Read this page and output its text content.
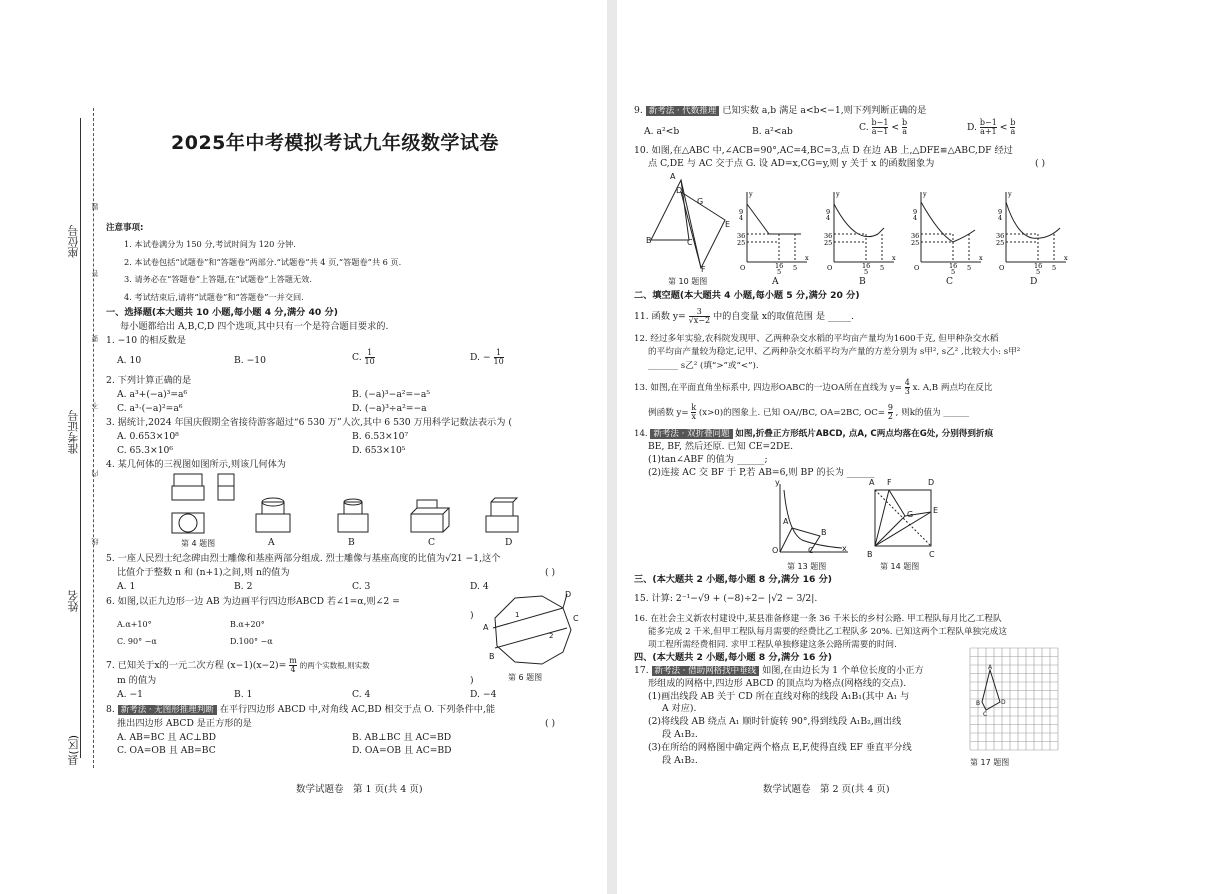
座位号
准考证号
姓名
县(区)
题
答
要
不
内
线
2025年中考模拟考试九年级数学试卷
注意事项:
1. 本试卷满分为 150 分,考试时间为 120 分钟.
2. 本试卷包括“试题卷”和“答题卷”两部分.“试题卷”共 4 页,“答题卷”共 6 页.
3. 请务必在“答题卷”上答题,在“试题卷”上答题无效.
4. 考试结束后,请将“试题卷”和“答题卷”一并交回.
一、选择题(本大题共 10 小题,每小题 4 分,满分 40 分)
每小题都给出 A,B,C,D 四个选项,其中只有一个是符合题目要求的.
1. −10 的相反数是
A. 10	B. −10	C. $\frac{1}{10}$	D. − $\frac{1}{10}$
2. 下列计算正确的是
A. a³+(−a)³=a⁶	B. (−a)³−a²=−a⁵
C. a³·(−a)²=a⁶	D. (−a)³÷a²=−a
3. 据统计,2024 年国庆假期全省接待游客超过“6 530 万”人次,其中 6 530 万用科学记数法表示为 (
A. 0.653×10⁸	B. 6.53×10⁷
C. 65.3×10⁶	D. 653×10⁵
4. 某几何体的三视图如图所示,则该几何体为
A	B	C	D
第 4 题图
5. 一座人民烈士纪念碑由烈士雕像和基座两部分组成. 烈士雕像与基座高度的比值为√21 −1,这个
比值介于整数 n 和 (n+1)之间,则 n的值为	( )
A. 1	B. 2	C. 3	D. 4
6. 如图,以正九边形一边 AB 为边画平行四边形ABCD 若∠1=α,则∠2 =
)
A.α+10°	B.α+20°
C. 90° −α	D.100° −α
A
B
C
D
1
2
第 6 题图
7. 已知关于x的一元二次方程 $(x-1)(x-2)= \frac{m}{4}$ 的两个实数根,则实数
m 的值为	)
A. −1	B. 1	C. 4	D. −4
8. 新考法 · 无图形推理判断 在平行四边形 ABCD 中,对角线 AC,BD 相交于点 O. 下列条件中,能
推出四边形 ABCD 是正方形的是	( )
A. AB=BC 且 AC⊥BD	B. AB⊥BC 且 AC=BD
C. OA=OB 且 AB=BC	D. OA=OB 且 AC=BD
数学试题卷　第 1 页(共 4 页)
9. 新考法 · 代数推理 已知实数 a,b 满足 a<b<−1,则下列判断正确的是
A. a²<b	B. a²<ab	C. $\frac{b-1}{a-1} < \frac{b}{a}$	D. $\frac{b-1}{a+1} < \frac{b}{a}$
10. 如图,在△ABC 中,∠ACB=90°,AC=4,BC=3,点 D 在边 AB 上,△DFE≌△ABC,DF 经过
点 C,DE 与 AC 交于点 G. 设 AD=x,CG=y,则 y 关于 x 的函数图象为	( )
D
A
G
B	C
E
F
第 10 题图
y
x
O
9
4
36
25
16
5 5
y
x
O
9
4
36
25
16
5 5
y
x
O
9
4
36
25
16
5 5
y
x
O
9
4
36
25
16
5 5
A	B	C	D
二、填空题(本大题共 4 小题,每小题 5 分,满分 20 分)
11. 函数 $y= \frac{3}{√x-2}$ 中的自变量 x的取值范围 是 _____.
12. 经过多年实验,农科院发现甲、乙两种杂交水稻的平均亩产量均为1600千克, 但甲种杂交水稻
的平均亩产量较为稳定,记甲、乙两种杂交水稻平均为产量的方差分别为 s甲², s乙² ,比较大小: s甲²
_______ s乙² (填“>”或“<”).
13. 如图,在平面直角坐标系中, 四边形OABC的一边OA所在直线为 $y= \frac{4}{3} x$. A,B 两点均在反比
例函数 $y= \frac{k}{x} (x>0)$的图象上. 已知 OA//BC, OA=2BC, $OC= \frac{9}{2}$ , 则k的值为 ______
14. 新考法 · 双折叠问题 如图,折叠正方形纸片ABCD, 点A, C两点均落在G处, 分别得到折痕
BE, BF, 然后还原. 已知 CE=2DE.
(1)tan∠ABF 的值为 ______;
(2)连接 AC 交 BF 于 P,若 AB=6,则 BP 的长为 ______
y
x
O
A
B
C
第 13 题图
A F	D
G E
B	C
第 14 题图
三、(本大题共 2 小题,每小题 8 分,满分 16 分)
15. 计算: 2⁻¹−√9 + (−8)÷2− |√2 − 3/2|.
16. 在社会主义新农村建设中,某县准备修建一条 36 千米长的乡村公路. 甲工程队每月比乙工程队
能多完成 2 千米,但甲工程队每月需要的经费比乙工程队多 20%. 已知这两个工程队单独完成这
项工程所需经费相同. 求甲工程队单独修建这条公路所需要的时间.
四、(本大题共 2 小题,每小题 8 分,满分 16 分)
17. 新考法 · 借助网格找中垂线 如图,在由边长为 1 个单位长度的小正方
形组成的网格中,四边形 ABCD 的顶点均为格点(网格线的交点).
(1)画出线段 AB 关于 CD 所在直线对称的线段 A₁B₁(其中 A₁ 与
A 对应).
(2)将线段 AB 绕点 A₁ 顺时针旋转 90°,得到线段 A₁B₂,画出线
段 A₁B₂.
(3)在所给的网格图中确定两个格点 E,F,使得直线 EF 垂直平分线
段 A₁B₂.
A
B
C
D
第 17 题图
数学试题卷　第 2 页(共 4 页)
